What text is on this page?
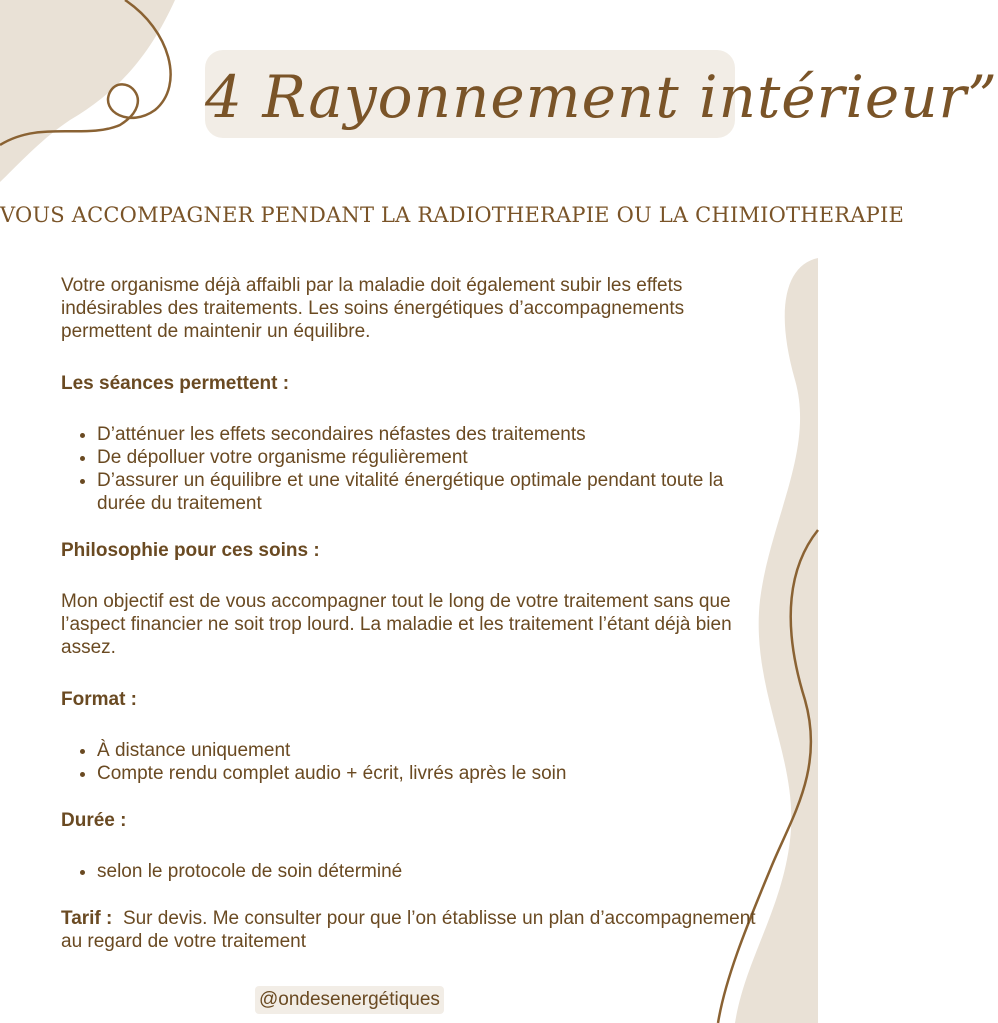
4 Rayonnement intérieur”
VOUS ACCOMPAGNER PENDANT LA RADIOTHERAPIE OU LA CHIMIOTHERAPIE

Votre organisme déjà affaibli par la maladie doit également subir les effets indésirables des traitements. Les soins énergétiques d’accompagnements permettent de maintenir un équilibre.

Les séances permettent :

• D’atténuer les effets secondaires néfastes des traitements
• De dépolluer votre organisme régulièrement
• D’assurer un équilibre et une vitalité énergétique optimale pendant toute la durée du traitement

Philosophie pour ces soins :

Mon objectif est de vous accompagner tout le long de votre traitement sans que l’aspect financier ne soit trop lourd. La maladie et les traitement l’étant déjà bien assez.

Format :

• À distance uniquement
• Compte rendu complet audio + écrit, livrés après le soin

Durée :

• selon le protocole de soin déterminé

Tarif : Sur devis. Me consulter pour que l’on établisse un plan d’accompagnement au regard de votre traitement

@ondesenergétiques
